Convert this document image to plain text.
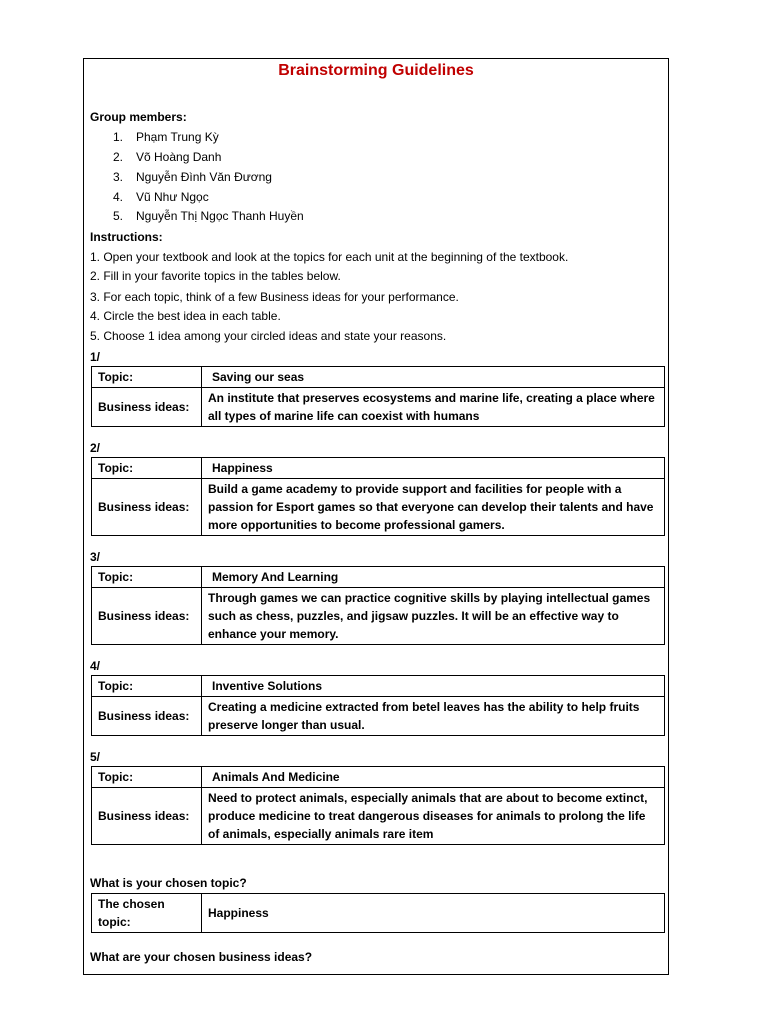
Brainstorming Guidelines
Group members:
1. Phạm Trung Kỳ
2. Võ Hoàng Danh
3. Nguyễn Đình Văn Đương
4. Vũ Như Ngọc
5. Nguyễn Thị Ngọc Thanh Huyền
Instructions:
1. Open your textbook and look at the topics for each unit at the beginning of the textbook.
2. Fill in your favorite topics in the tables below.
3. For each topic, think of a few Business ideas for your performance.
4. Circle the best idea in each table.
5. Choose 1 idea among your circled ideas and state your reasons.
1/
Topic:	Saving our seas
Business ideas:	An institute that preserves ecosystems and marine life, creating a place where all types of marine life can coexist with humans
2/
Topic:	Happiness
Business ideas:	Build a game academy to provide support and facilities for people with a passion for Esport games so that everyone can develop their talents and have more opportunities to become professional gamers.
3/
Topic:	Memory And Learning
Business ideas:	Through games we can practice cognitive skills by playing intellectual games such as chess, puzzles, and jigsaw puzzles. It will be an effective way to enhance your memory.
4/
Topic:	Inventive Solutions
Business ideas:	Creating a medicine extracted from betel leaves has the ability to help fruits preserve longer than usual.
5/
Topic:	Animals And Medicine
Business ideas:	Need to protect animals, especially animals that are about to become extinct, produce medicine to treat dangerous diseases for animals to prolong the life of animals, especially animals rare item
What is your chosen topic?
The chosen topic:	Happiness
What are your chosen business ideas?
